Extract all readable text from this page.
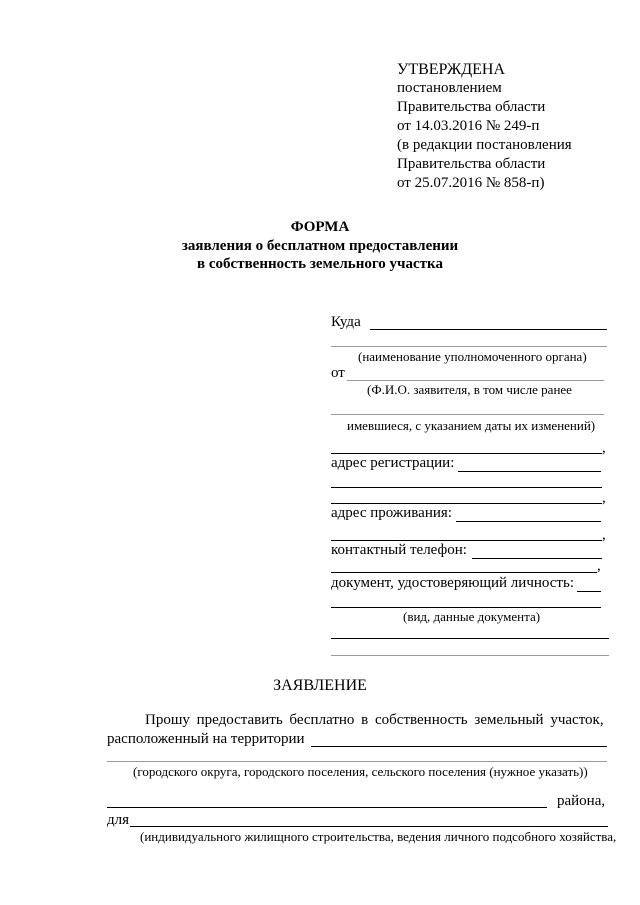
УТВЕРЖДЕНА
постановлением
Правительства области
от 14.03.2016 № 249-п
(в редакции постановления
Правительства области
от 25.07.2016 № 858-п)
ФОРМА
заявления о бесплатном предоставлении
в собственность земельного участка
Куда
(наименование уполномоченного органа)
от
(Ф.И.О. заявителя, в том числе ранее
имевшиеся, с указанием даты их изменений)
,
адрес регистрации:
,
адрес проживания:
,
контактный телефон:
,
документ, удостоверяющий личность:
(вид, данные документа)
ЗАЯВЛЕНИЕ
Прошу предоставить бесплатно в собственность земельный участок,
расположенный на территории
(городского округа, городского поселения, сельского поселения (нужное указать))
района,
для
(индивидуального жилищного строительства, ведения личного подсобного хозяйства,
